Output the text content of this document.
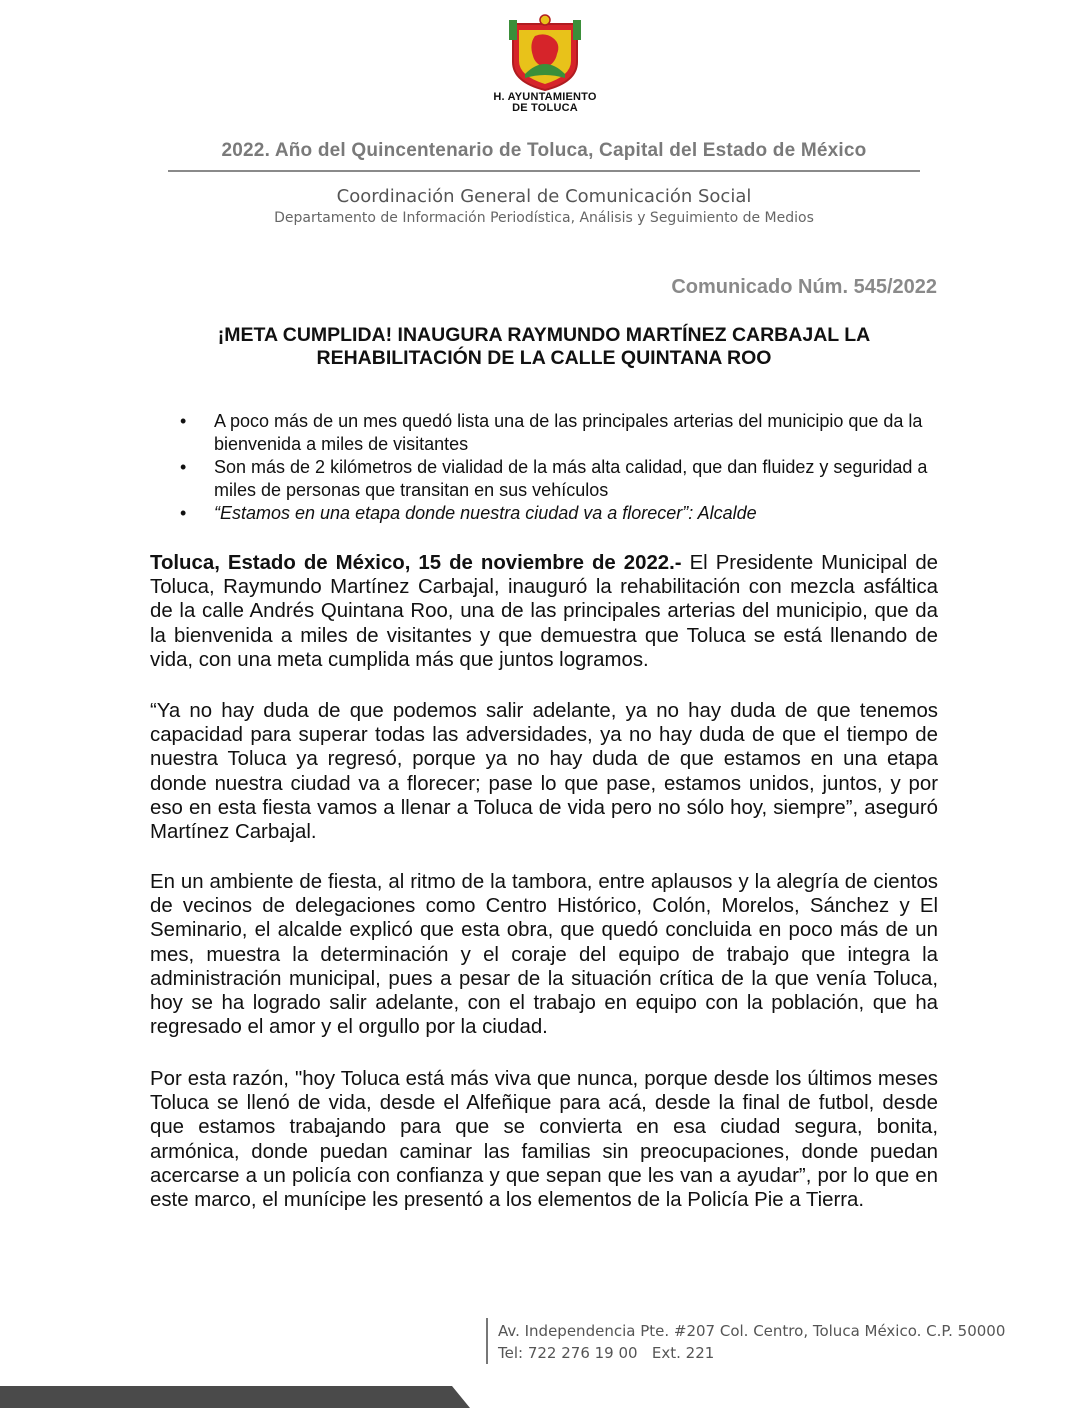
H. AYUNTAMIENTO
DE TOLUCA
2022. Año del Quincentenario de Toluca, Capital del Estado de México
Coordinación General de Comunicación Social
Departamento de Información Periodística, Análisis y Seguimiento de Medios
Comunicado Núm. 545/2022
¡META CUMPLIDA! INAUGURA RAYMUNDO MARTÍNEZ CARBAJAL LA REHABILITACIÓN DE LA CALLE QUINTANA ROO
• A poco más de un mes quedó lista una de las principales arterias del municipio que da la bienvenida a miles de visitantes
• Son más de 2 kilómetros de vialidad de la más alta calidad, que dan fluidez y seguridad a miles de personas que transitan en sus vehículos
• “Estamos en una etapa donde nuestra ciudad va a florecer”: Alcalde

Toluca, Estado de México, 15 de noviembre de 2022.- El Presidente Municipal de Toluca, Raymundo Martínez Carbajal, inauguró la rehabilitación con mezcla asfáltica de la calle Andrés Quintana Roo, una de las principales arterias del municipio, que da la bienvenida a miles de visitantes y que demuestra que Toluca se está llenando de vida, con una meta cumplida más que juntos logramos.

“Ya no hay duda de que podemos salir adelante, ya no hay duda de que tenemos capacidad para superar todas las adversidades, ya no hay duda de que el tiempo de nuestra Toluca ya regresó, porque ya no hay duda de que estamos en una etapa donde nuestra ciudad va a florecer; pase lo que pase, estamos unidos, juntos, y por eso en esta fiesta vamos a llenar a Toluca de vida pero no sólo hoy, siempre”, aseguró Martínez Carbajal.

En un ambiente de fiesta, al ritmo de la tambora, entre aplausos y la alegría de cientos de vecinos de delegaciones como Centro Histórico, Colón, Morelos, Sánchez y El Seminario, el alcalde explicó que esta obra, que quedó concluida en poco más de un mes, muestra la determinación y el coraje del equipo de trabajo que integra la administración municipal, pues a pesar de la situación crítica de la que venía Toluca, hoy se ha logrado salir adelante, con el trabajo en equipo con la población, que ha regresado el amor y el orgullo por la ciudad.

Por esta razón, "hoy Toluca está más viva que nunca, porque desde los últimos meses Toluca se llenó de vida, desde el Alfeñique para acá, desde la final de futbol, desde que estamos trabajando para que se convierta en esa ciudad segura, bonita, armónica, donde puedan caminar las familias sin preocupaciones, donde puedan acercarse a un policía con confianza y que sepan que les van a ayudar”, por lo que en este marco, el munícipe les presentó a los elementos de la Policía Pie a Tierra.

Av. Independencia Pte. #207 Col. Centro, Toluca México. C.P. 50000
Tel: 722 276 19 00 Ext. 221
